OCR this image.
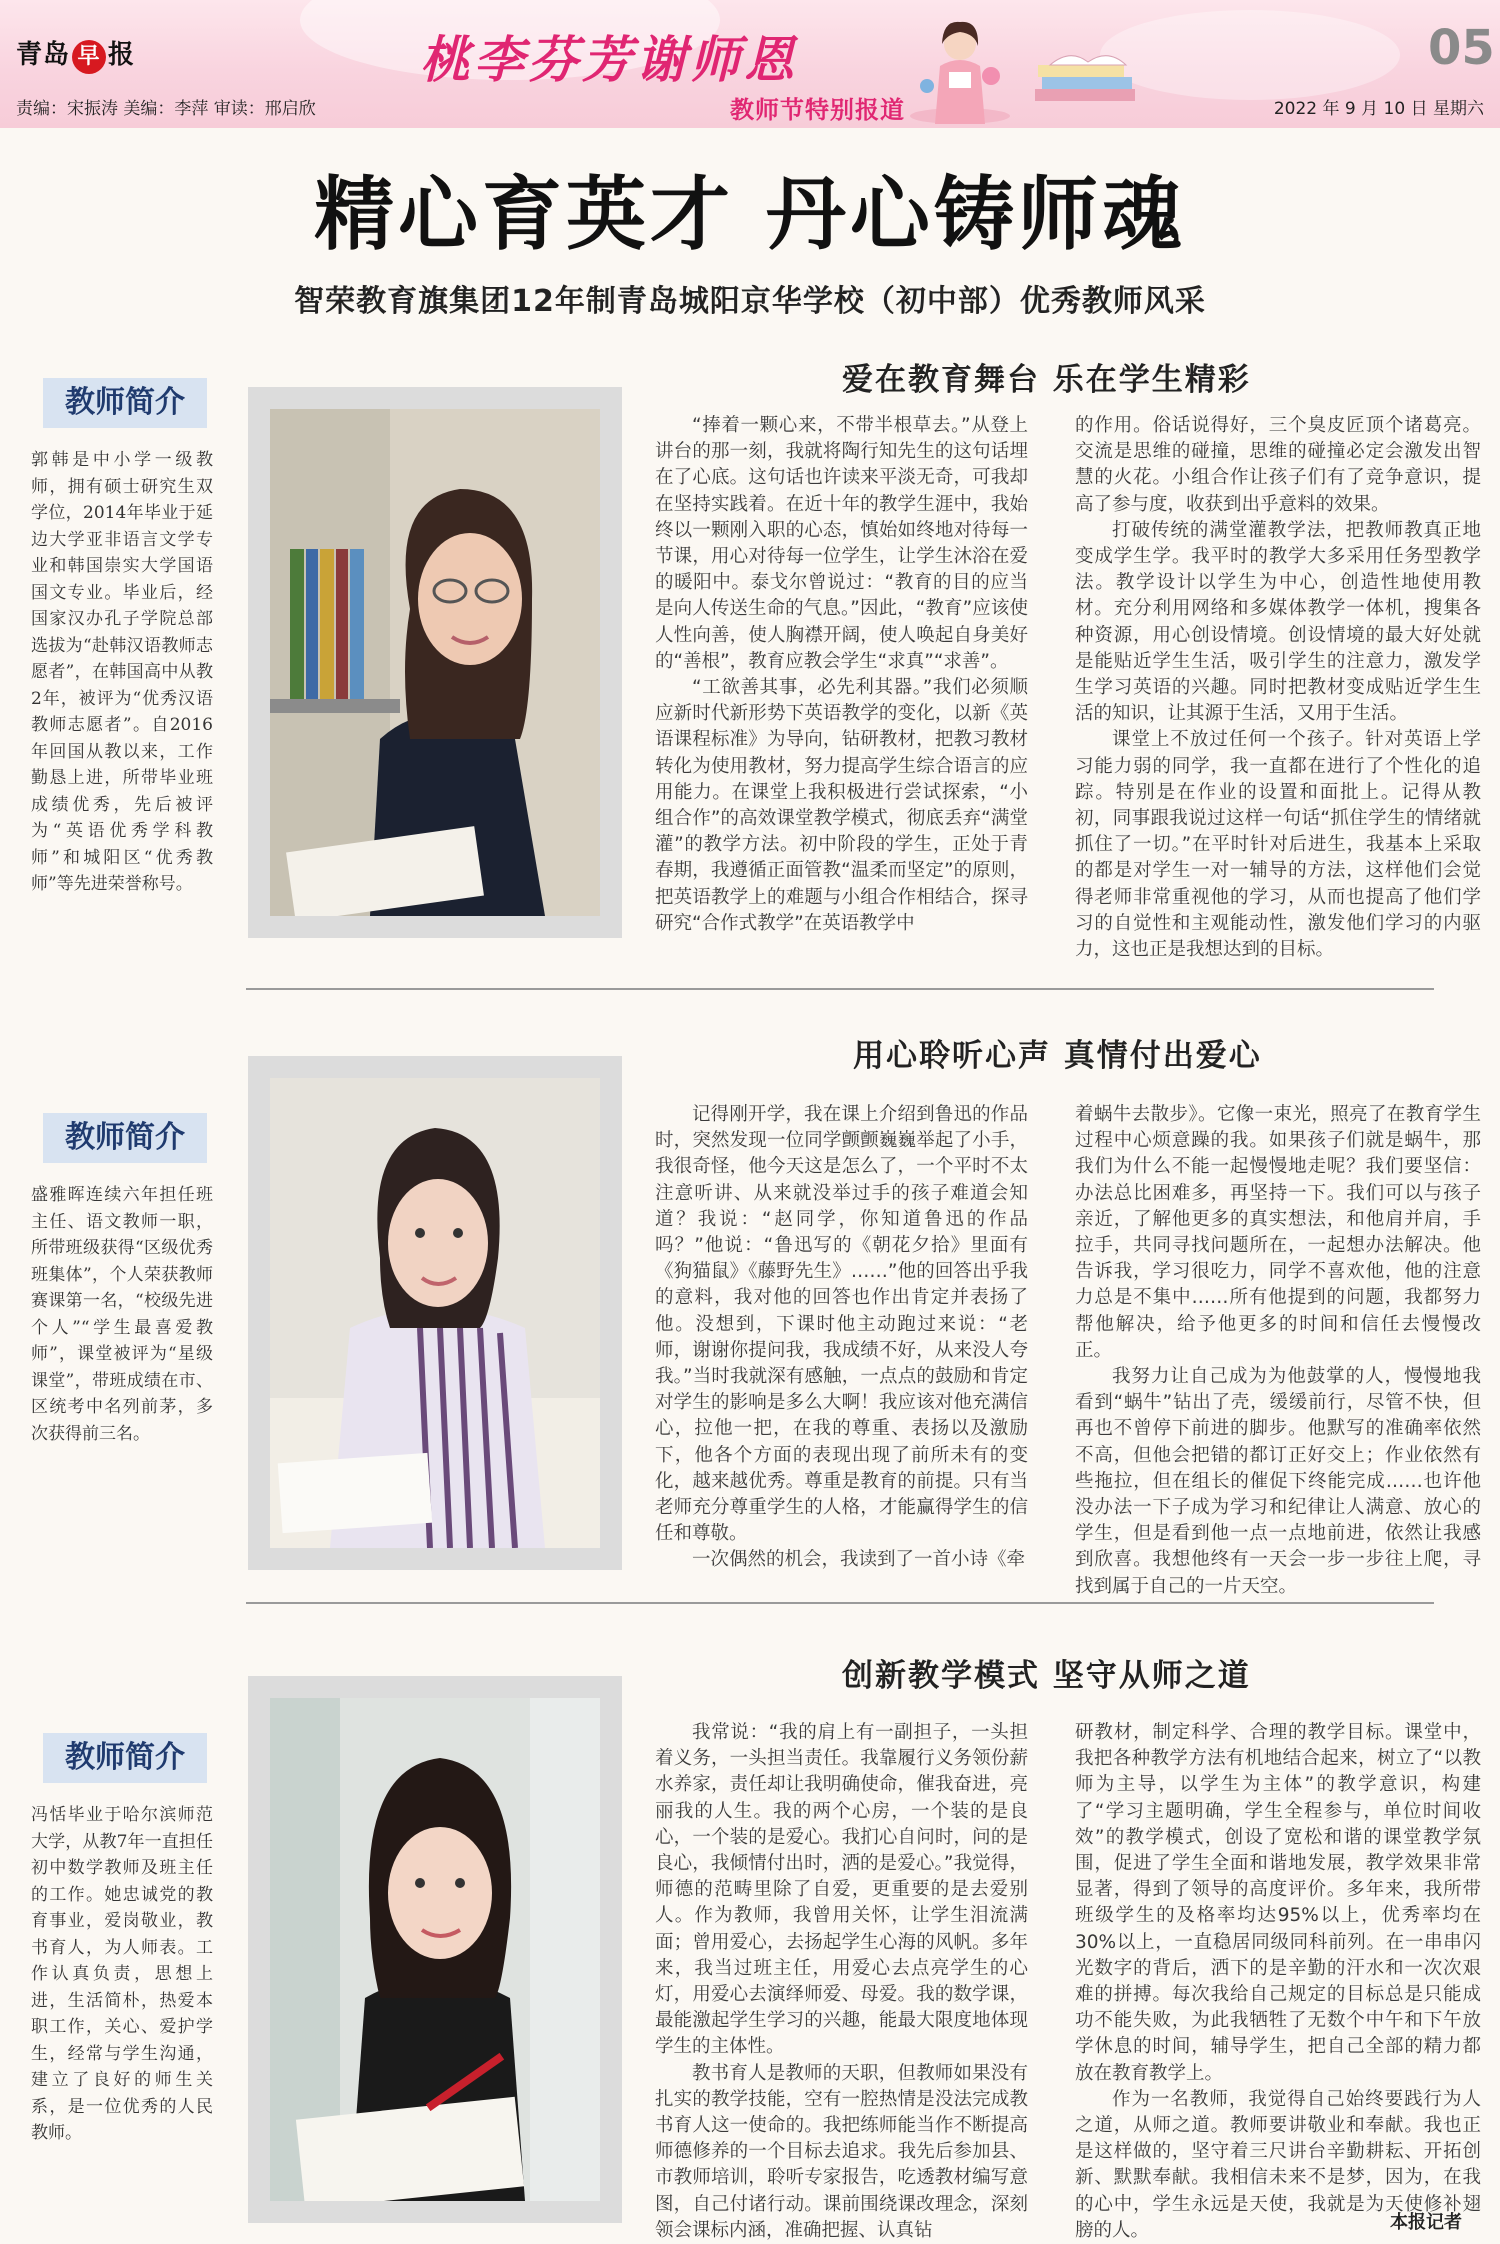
青岛 早 报	桃李芬芳谢师恩
教师节特别报道
05
责编：宋振涛 美编：李萍 审读：邢启欣	2022 年 9 月 10 日 星期六
精心育英才 丹心铸师魂
智荣教育旗集团12年制青岛城阳京华学校（初中部）优秀教师风采
爱在教育舞台 乐在学生精彩
教师简介
郭韩是中小学一级教师，拥有硕士研究生双学位，2014年毕业于延边大学亚非语言文学专业和韩国崇实大学国语国文专业。毕业后，经国家汉办孔子学院总部选拔为“赴韩汉语教师志愿者”，在韩国高中从教2年，被评为“优秀汉语教师志愿者”。自2016年回国从教以来，工作勤恳上进，所带毕业班成绩优秀，先后被评为“英语优秀学科教师”和城阳区“优秀教师”等先进荣誉称号。

“捧着一颗心来，不带半根草去。”从登上讲台的那一刻，我就将陶行知先生的这句话埋在了心底。这句话也许读来平淡无奇，可我却在坚持实践着。在近十年的教学生涯中，我始终以一颗刚入职的心态，慎始如终地对待每一节课，用心对待每一位学生，让学生沐浴在爱的暖阳中。泰戈尔曾说过：“教育的目的应当是向人传送生命的气息。”因此，“教育”应该使人性向善，使人胸襟开阔，使人唤起自身美好的“善根”，教育应教会学生“求真”“求善”。

“工欲善其事，必先利其器。”我们必须顺应新时代新形势下英语教学的变化，以新《英语课程标准》为导向，钻研教材，把教习教材转化为使用教材，努力提高学生综合语言的应用能力。在课堂上我积极进行尝试探索，“小组合作”的高效课堂教学模式，彻底丢弃“满堂灌”的教学方法。初中阶段的学生，正处于青春期，我遵循正面管教“温柔而坚定”的原则，把英语教学上的难题与小组合作相结合，探寻研究“合作式教学”在英语教学中

的作用。俗话说得好，三个臭皮匠顶个诸葛亮。交流是思维的碰撞，思维的碰撞必定会激发出智慧的火花。小组合作让孩子们有了竞争意识，提高了参与度，收获到出乎意料的效果。

打破传统的满堂灌教学法，把教师教真正地变成学生学。我平时的教学大多采用任务型教学法。教学设计以学生为中心，创造性地使用教材。充分利用网络和多媒体教学一体机，搜集各种资源，用心创设情境。创设情境的最大好处就是能贴近学生生活，吸引学生的注意力，激发学生学习英语的兴趣。同时把教材变成贴近学生生活的知识，让其源于生活，又用于生活。

课堂上不放过任何一个孩子。针对英语上学习能力弱的同学，我一直都在进行了个性化的追踪。特别是在作业的设置和面批上。记得从教初，同事跟我说过这样一句话“抓住学生的情绪就抓住了一切。”在平时针对后进生，我基本上采取的都是对学生一对一辅导的方法，这样他们会觉得老师非常重视他的学习，从而也提高了他们学习的自觉性和主观能动性，激发他们学习的内驱力，这也正是我想达到的目标。

用心聆听心声 真情付出爱心
教师简介
盛雅晖连续六年担任班主任、语文教师一职，所带班级获得“区级优秀班集体”，个人荣获教师赛课第一名，“校级先进个人”“学生最喜爱教师”，课堂被评为“星级课堂”，带班成绩在市、区统考中名列前茅，多次获得前三名。

记得刚开学，我在课上介绍到鲁迅的作品时，突然发现一位同学颤颤巍巍举起了小手，我很奇怪，他今天这是怎么了，一个平时不太注意听讲、从来就没举过手的孩子难道会知道？我说：“赵同学，你知道鲁迅的作品吗？”他说：“鲁迅写的《朝花夕拾》里面有《狗猫鼠》《藤野先生》……”他的回答出乎我的意料，我对他的回答也作出肯定并表扬了他。没想到，下课时他主动跑过来说：“老师，谢谢你提问我，我成绩不好，从来没人夸我。”当时我就深有感触，一点点的鼓励和肯定对学生的影响是多么大啊！我应该对他充满信心，拉他一把，在我的尊重、表扬以及激励下，他各个方面的表现出现了前所未有的变化，越来越优秀。尊重是教育的前提。只有当老师充分尊重学生的人格，才能赢得学生的信任和尊敬。

一次偶然的机会，我读到了一首小诗《牵

着蜗牛去散步》。它像一束光，照亮了在教育学生过程中心烦意躁的我。如果孩子们就是蜗牛，那我们为什么不能一起慢慢地走呢？我们要坚信：办法总比困难多，再坚持一下。我们可以与孩子亲近，了解他更多的真实想法，和他肩并肩，手拉手，共同寻找问题所在，一起想办法解决。他告诉我，学习很吃力，同学不喜欢他，他的注意力总是不集中……所有他提到的问题，我都努力帮他解决，给予他更多的时间和信任去慢慢改正。

我努力让自己成为为他鼓掌的人，慢慢地我看到“蜗牛”钻出了壳，缓缓前行，尽管不快，但再也不曾停下前进的脚步。他默写的准确率依然不高，但他会把错的都订正好交上；作业依然有些拖拉，但在组长的催促下终能完成……也许他没办法一下子成为学习和纪律让人满意、放心的学生，但是看到他一点一点地前进，依然让我感到欣喜。我想他终有一天会一步一步往上爬，寻找到属于自己的一片天空。

创新教学模式 坚守从师之道
教师简介
冯恬毕业于哈尔滨师范大学，从教7年一直担任初中数学教师及班主任的工作。她忠诚党的教育事业，爱岗敬业，教书育人，为人师表。工作认真负责，思想上进，生活简朴，热爱本职工作，关心、爱护学生，经常与学生沟通，建立了良好的师生关系，是一位优秀的人民教师。

我常说：“我的肩上有一副担子，一头担着义务，一头担当责任。我靠履行义务领份薪水养家，责任却让我明确使命，催我奋进，亮丽我的人生。我的两个心房，一个装的是良心，一个装的是爱心。我扪心自问时，问的是良心，我倾情付出时，洒的是爱心。”我觉得，师德的范畴里除了自爱，更重要的是去爱别人。作为教师，我曾用关怀，让学生泪流满面；曾用爱心，去扬起学生心海的风帆。多年来，我当过班主任，用爱心去点亮学生的心灯，用爱心去演绎师爱、母爱。我的数学课，最能激起学生学习的兴趣，能最大限度地体现学生的主体性。

教书育人是教师的天职，但教师如果没有扎实的教学技能，空有一腔热情是没法完成教书育人这一使命的。我把练师能当作不断提高师德修养的一个目标去追求。我先后参加县、市教师培训，聆听专家报告，吃透教材编写意图，自己付诸行动。课前围绕课改理念，深刻领会课标内涵，准确把握、认真钻

研教材，制定科学、合理的教学目标。课堂中，我把各种教学方法有机地结合起来，树立了“以教师为主导，以学生为主体”的教学意识，构建了“学习主题明确，学生全程参与，单位时间收效”的教学模式，创设了宽松和谐的课堂教学氛围，促进了学生全面和谐地发展，教学效果非常显著，得到了领导的高度评价。多年来，我所带班级学生的及格率均达95%以上，优秀率均在30%以上，一直稳居同级同科前列。在一串串闪光数字的背后，洒下的是辛勤的汗水和一次次艰难的拼搏。每次我给自己规定的目标总是只能成功不能失败，为此我牺牲了无数个中午和下午放学休息的时间，辅导学生，把自己全部的精力都放在教育教学上。

作为一名教师，我觉得自己始终要践行为人之道，从师之道。教师要讲敬业和奉献。我也正是这样做的，坚守着三尺讲台辛勤耕耘、开拓创新、默默奉献。我相信未来不是梦，因为，在我的心中，学生永远是天使，我就是为天使修补翅膀的人。	本报记者
